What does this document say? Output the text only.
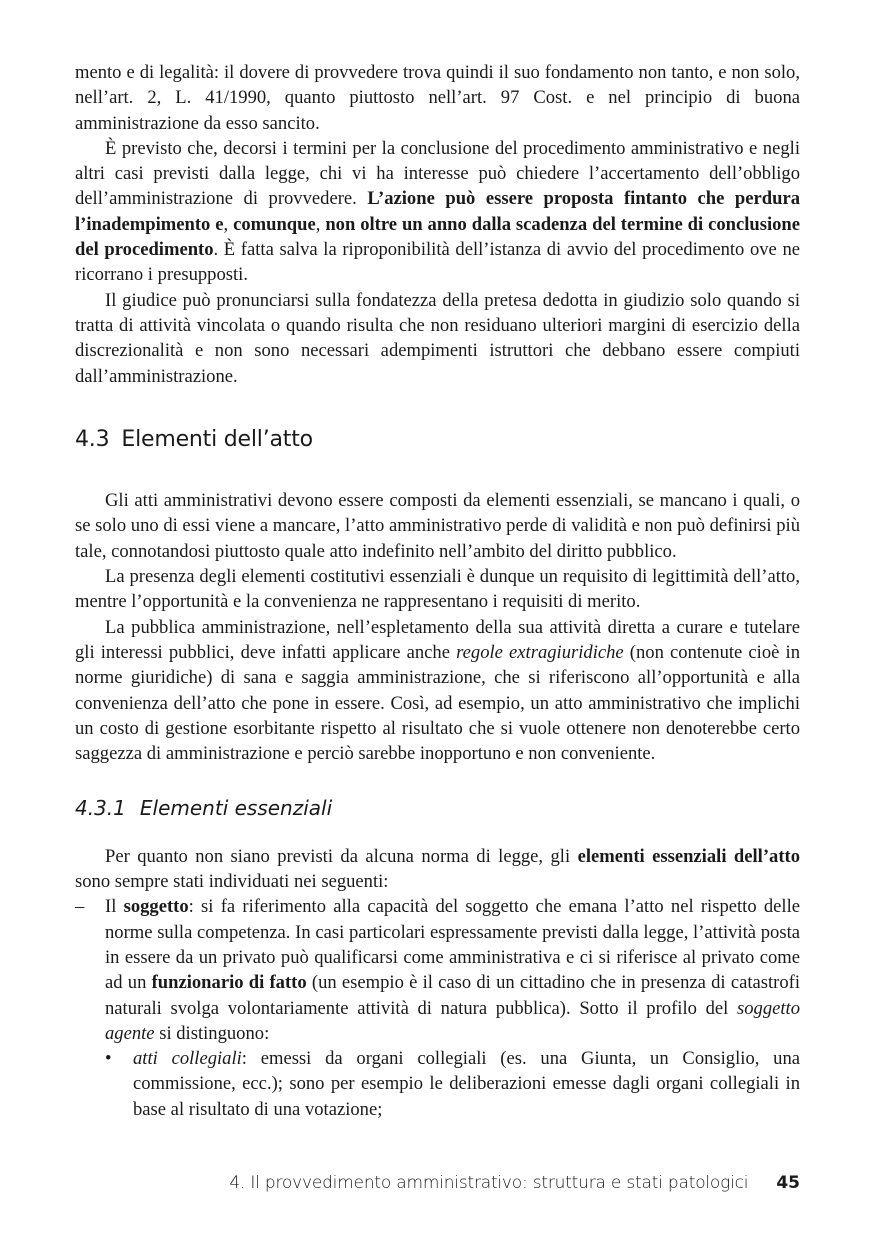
mento e di legalità: il dovere di provvedere trova quindi il suo fondamento non tanto, e non solo, nell’art. 2, L. 41/1990, quanto piuttosto nell’art. 97 Cost. e nel principio di buona amministrazione da esso sancito.

È previsto che, decorsi i termini per la conclusione del procedimento amministrativo e negli altri casi previsti dalla legge, chi vi ha interesse può chiedere l’accertamento dell’obbligo dell’amministrazione di provvedere. L’azione può essere proposta fintanto che perdura l’inadempimento e, comunque, non oltre un anno dalla scadenza del termine di conclusione del procedimento. È fatta salva la riproponibilità dell’istanza di avvio del procedimento ove ne ricorrano i presupposti.

Il giudice può pronunciarsi sulla fondatezza della pretesa dedotta in giudizio solo quando si tratta di attività vincolata o quando risulta che non residuano ulteriori margini di esercizio della discrezionalità e non sono necessari adempimenti istruttori che debbano essere compiuti dall’amministrazione.

4.3 Elementi dell’atto

Gli atti amministrativi devono essere composti da elementi essenziali, se mancano i quali, o se solo uno di essi viene a mancare, l’atto amministrativo perde di validità e non può definirsi più tale, connotandosi piuttosto quale atto indefinito nell’ambito del diritto pubblico.

La presenza degli elementi costitutivi essenziali è dunque un requisito di legittimità dell’atto, mentre l’opportunità e la convenienza ne rappresentano i requisiti di merito.

La pubblica amministrazione, nell’espletamento della sua attività diretta a curare e tutelare gli interessi pubblici, deve infatti applicare anche regole extragiuridiche (non contenute cioè in norme giuridiche) di sana e saggia amministrazione, che si riferiscono all’opportunità e alla convenienza dell’atto che pone in essere. Così, ad esempio, un atto amministrativo che implichi un costo di gestione esorbitante rispetto al risultato che si vuole ottenere non denoterebbe certo saggezza di amministrazione e perciò sarebbe inopportuno e non conveniente.

4.3.1 Elementi essenziali

Per quanto non siano previsti da alcuna norma di legge, gli elementi essenziali dell’atto sono sempre stati individuati nei seguenti:

– Il soggetto: si fa riferimento alla capacità del soggetto che emana l’atto nel rispetto delle norme sulla competenza. In casi particolari espressamente previsti dalla legge, l’attività posta in essere da un privato può qualificarsi come amministrativa e ci si riferisce al privato come ad un funzionario di fatto (un esempio è il caso di un cittadino che in presenza di catastrofi naturali svolga volontariamente attività di natura pubblica). Sotto il profilo del soggetto agente si distinguono:

• atti collegiali: emessi da organi collegiali (es. una Giunta, un Consiglio, una commissione, ecc.); sono per esempio le deliberazioni emesse dagli organi collegiali in base al risultato di una votazione;

4. Il provvedimento amministrativo: struttura e stati patologici 45
